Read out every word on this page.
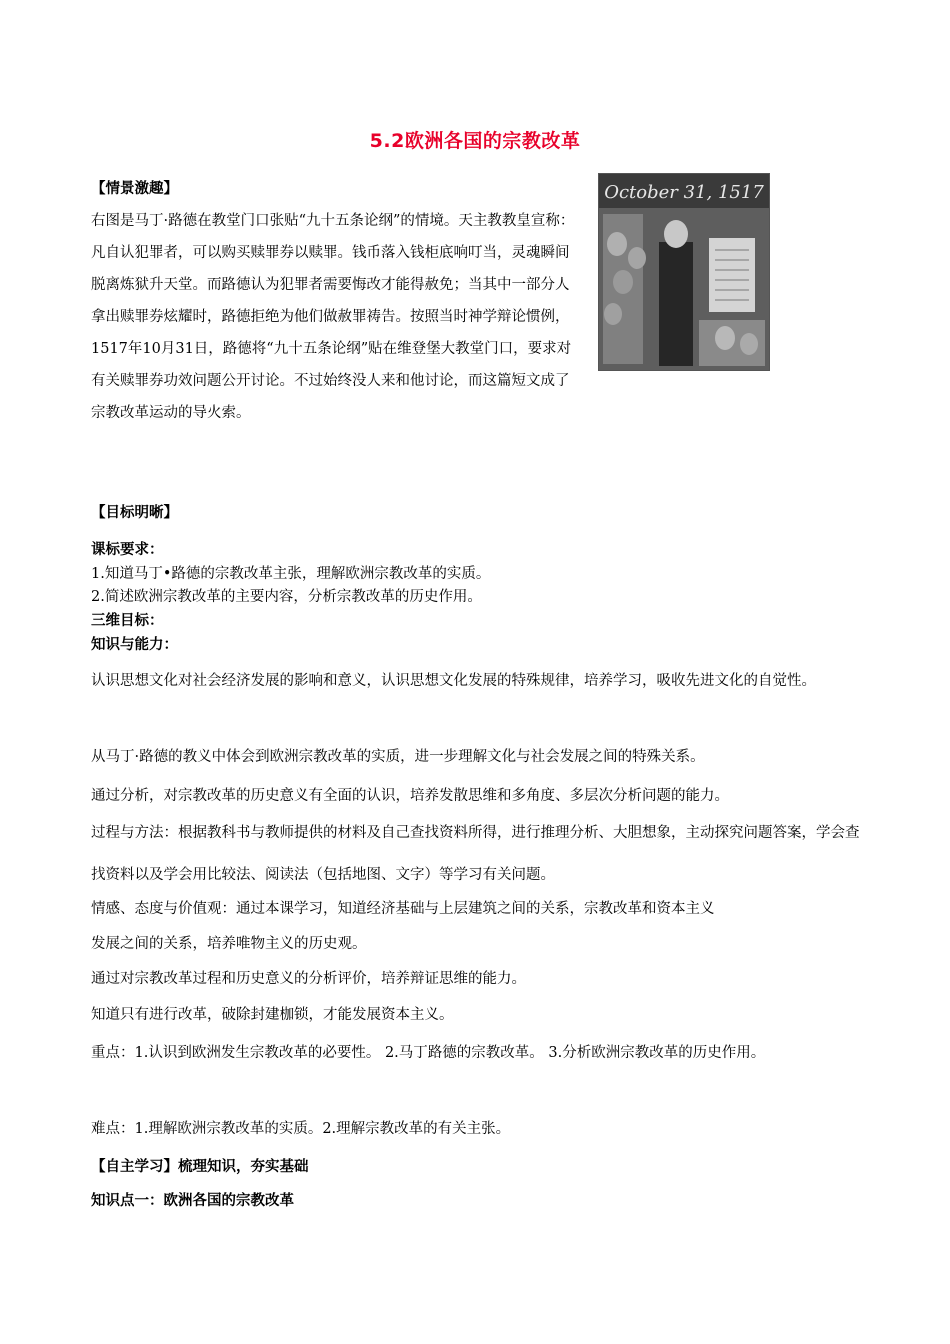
5.2欧洲各国的宗教改革
【情景激趣】
右图是马丁·路德在教堂门口张贴“九十五条论纲”的情境。天主教教皇宣称：凡自认犯罪者，可以购买赎罪券以赎罪。钱币落入钱柜底响叮当，灵魂瞬间脱离炼狱升天堂。而路德认为犯罪者需要悔改才能得赦免；当其中一部分人拿出赎罪券炫耀时，路德拒绝为他们做赦罪祷告。按照当时神学辩论惯例，1517年10月31日，路德将“九十五条论纲”贴在维登堡大教堂门口，要求对有关赎罪券功效问题公开讨论。不过始终没人来和他讨论，而这篇短文成了宗教改革运动的导火索。
October 31, 1517
【目标明晰】
课标要求：
1.知道马丁•路德的宗教改革主张，理解欧洲宗教改革的实质。
2.简述欧洲宗教改革的主要内容，分析宗教改革的历史作用。
三维目标：
知识与能力：
认识思想文化对社会经济发展的影响和意义，认识思想文化发展的特殊规律，培养学习，吸收先进文化的自觉性。
从马丁·路德的教义中体会到欧洲宗教改革的实质，进一步理解文化与社会发展之间的特殊关系。
通过分析，对宗教改革的历史意义有全面的认识，培养发散思维和多角度、多层次分析问题的能力。
过程与方法：根据教科书与教师提供的材料及自己查找资料所得，进行推理分析、大胆想象，主动探究问题答案，学会查找资料以及学会用比较法、阅读法（包括地图、文字）等学习有关问题。
情感、态度与价值观：通过本课学习，知道经济基础与上层建筑之间的关系，宗教改革和资本主义
发展之间的关系，培养唯物主义的历史观。
通过对宗教改革过程和历史意义的分析评价，培养辩证思维的能力。
知道只有进行改革，破除封建枷锁，才能发展资本主义。
重点：1.认识到欧洲发生宗教改革的必要性。 2.马丁路德的宗教改革。 3.分析欧洲宗教改革的历史作用。
难点：1.理解欧洲宗教改革的实质。2.理解宗教改革的有关主张。
【自主学习】梳理知识，夯实基础
知识点一：欧洲各国的宗教改革
